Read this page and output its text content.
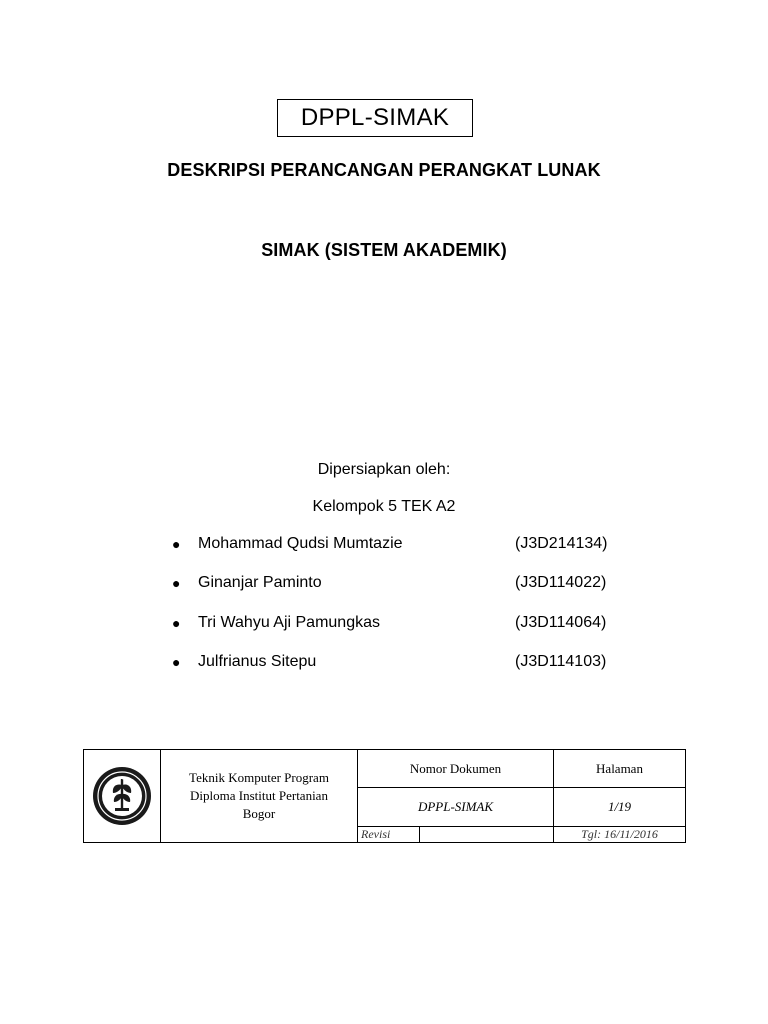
DPPL-SIMAK
DESKRIPSI PERANCANGAN PERANGKAT LUNAK
SIMAK (SISTEM AKADEMIK)
Dipersiapkan oleh:
Kelompok 5 TEK A2
●	Mohammad Qudsi Mumtazie	(J3D214134)
●	Ginanjar Paminto	(J3D114022)
●	Tri Wahyu Aji Pamungkas	(J3D114064)
●	Julfrianus Sitepu	(J3D114103)
Teknik Komputer Program
Diploma Institut Pertanian
Bogor
Nomor Dokumen	Halaman
DPPL-SIMAK	1/19
Revisi	Tgl: 16/11/2016
